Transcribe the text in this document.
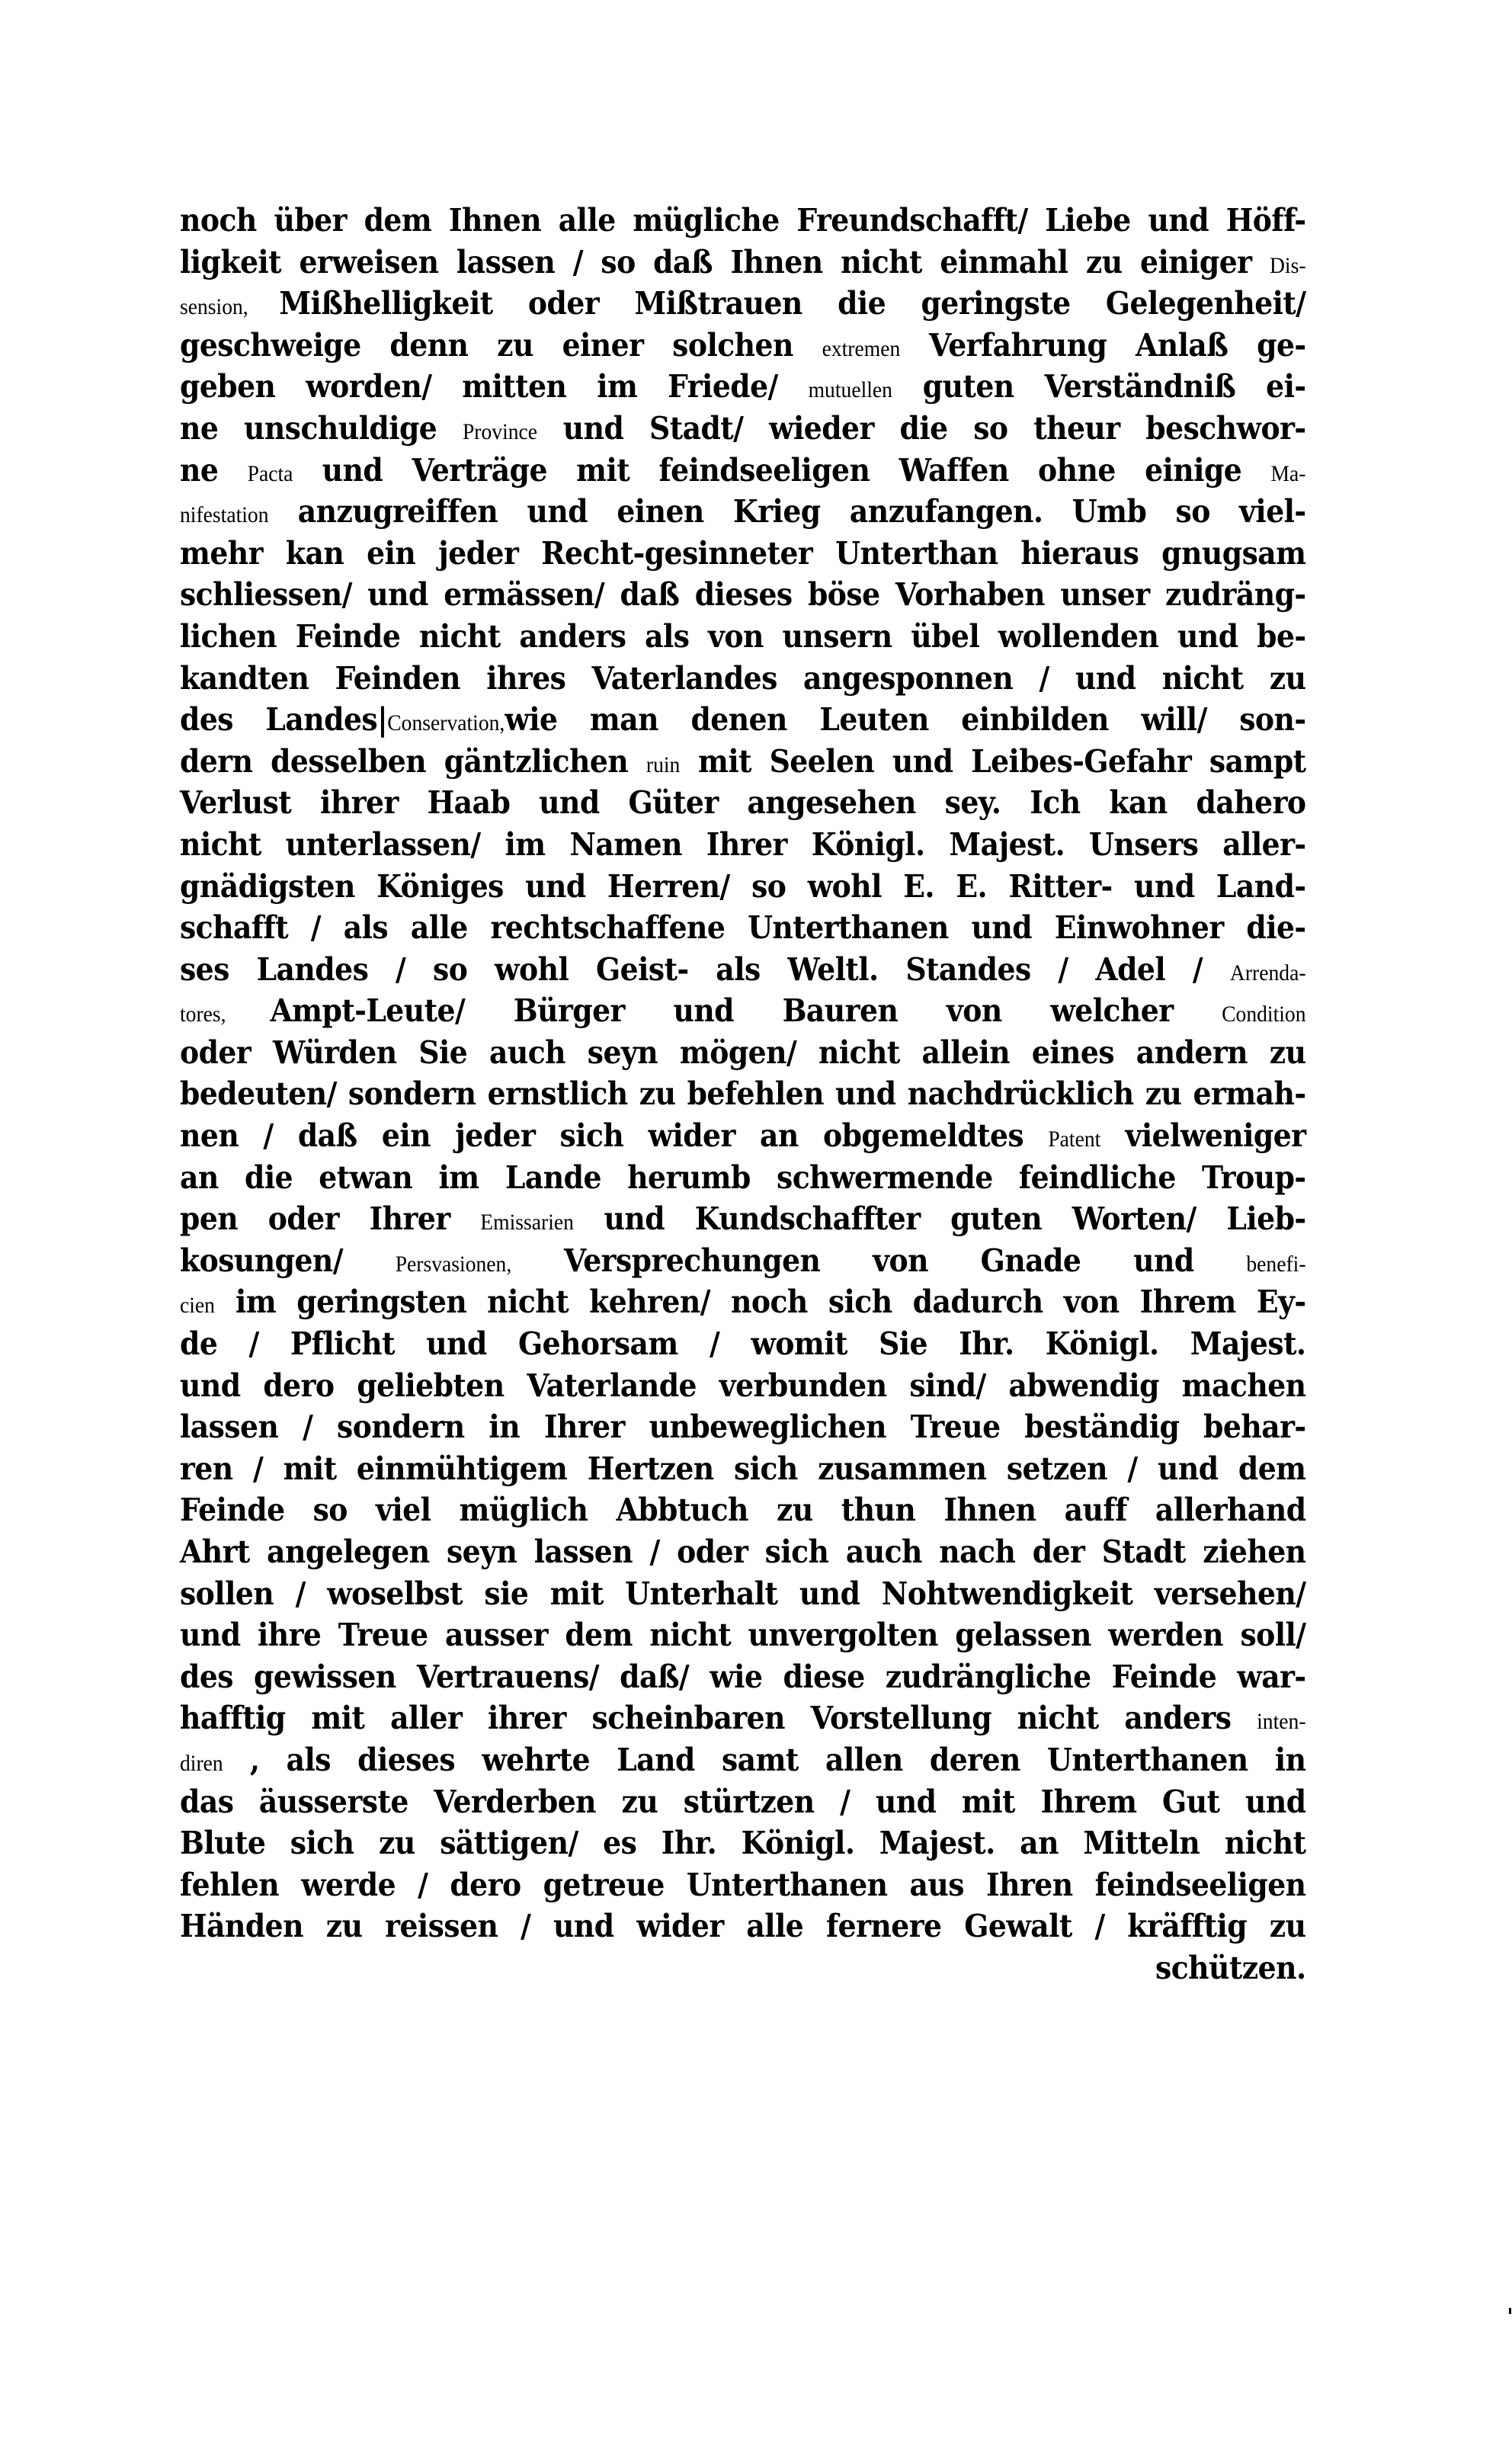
noch über dem Ihnen alle mügliche Freundschafft/ Liebe und Höff-
ligkeit erweisen lassen / so daß Ihnen nicht einmahl zu einiger Dis-
sension, Mißhelligkeit oder Mißtrauen die geringste Gelegenheit/
geschweige denn zu einer solchen extremen Verfahrung Anlaß ge-
geben worden/ mitten im Friede/ mutuellen guten Verständniß ei-
ne unschuldige Province und Stadt/ wieder die so theur beschwor-
ne Pacta und Verträge mit feindseeligen Waffen ohne einige Ma-
nifestation anzugreiffen und einen Krieg anzufangen. Umb so viel-
mehr kan ein jeder Recht-gesinneter Unterthan hieraus gnugsam
schliessen/ und ermässen/ daß dieses böse Vorhaben unser zudräng-
lichen Feinde nicht anders als von unsern übel wollenden und be-
kandten Feinden ihres Vaterlandes angesponnen / und nicht zu
des Landes|Conservation,wie man denen Leuten einbilden will/ son-
dern desselben gäntzlichen ruin mit Seelen und Leibes-Gefahr sampt
Verlust ihrer Haab und Güter angesehen sey. Ich kan dahero
nicht unterlassen/ im Namen Ihrer Königl. Majest. Unsers aller-
gnädigsten Königes und Herren/ so wohl E. E. Ritter- und Land-
schafft / als alle rechtschaffene Unterthanen und Einwohner die-
ses Landes / so wohl Geist- als Weltl. Standes / Adel / Arrenda-
tores, Ampt-Leute/ Bürger und Bauren von welcher Condition
oder Würden Sie auch seyn mögen/ nicht allein eines andern zu
bedeuten/ sondern ernstlich zu befehlen und nachdrücklich zu ermah-
nen / daß ein jeder sich wider an obgemeldtes Patent vielweniger
an die etwan im Lande herumb schwermende feindliche Troup-
pen oder Ihrer Emissarien und Kundschaffter guten Worten/ Lieb-
kosungen/ Persvasionen, Versprechungen von Gnade und benefi-
cien im geringsten nicht kehren/ noch sich dadurch von Ihrem Ey-
de / Pflicht und Gehorsam / womit Sie Ihr. Königl. Majest.
und dero geliebten Vaterlande verbunden sind/ abwendig machen
lassen / sondern in Ihrer unbeweglichen Treue beständig behar-
ren / mit einmühtigem Hertzen sich zusammen setzen / und dem
Feinde so viel müglich Abbtuch zu thun Ihnen auff allerhand
Ahrt angelegen seyn lassen / oder sich auch nach der Stadt ziehen
sollen / woselbst sie mit Unterhalt und Nohtwendigkeit versehen/
und ihre Treue ausser dem nicht unvergolten gelassen werden soll/
des gewissen Vertrauens/ daß/ wie diese zudrängliche Feinde war-
hafftig mit aller ihrer scheinbaren Vorstellung nicht anders inten-
diren , als dieses wehrte Land samt allen deren Unterthanen in
das äusserste Verderben zu stürtzen / und mit Ihrem Gut und
Blute sich zu sättigen/ es Ihr. Königl. Majest. an Mitteln nicht
fehlen werde / dero getreue Unterthanen aus Ihren feindseeligen
Händen zu reissen / und wider alle fernere Gewalt / kräfftig zu
schützen.
